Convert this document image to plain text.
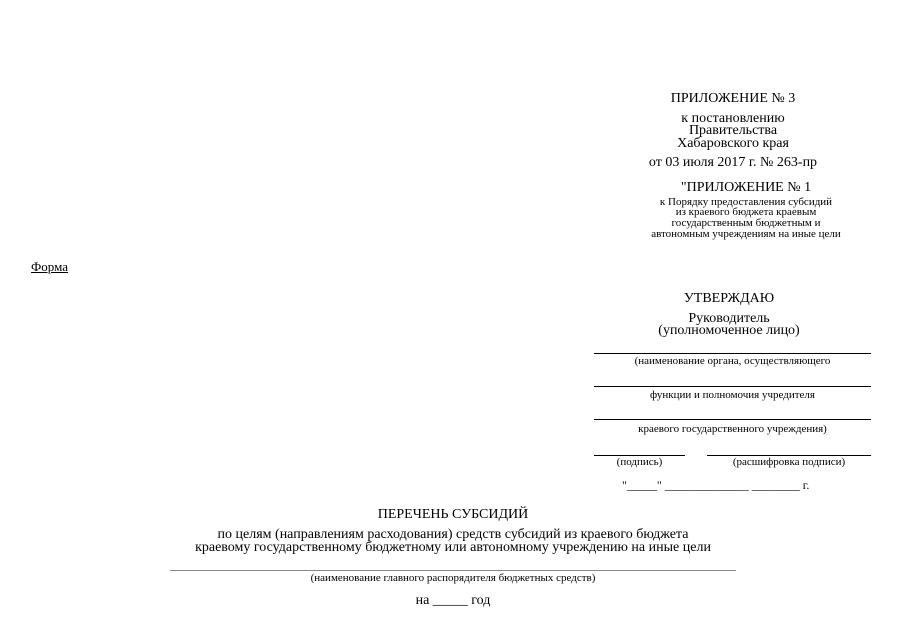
ПРИЛОЖЕНИЕ № 3
к постановлению
Правительства
Хабаровского края
от 03 июля 2017 г. № 263-пр
"ПРИЛОЖЕНИЕ № 1
к Порядку предоставления субсидий
из краевого бюджета краевым
государственным бюджетным и
автономным учреждениям на иные цели
Форма
УТВЕРЖДАЮ
Руководитель
(уполномоченное лицо)
(наименование органа, осуществляющего
функции и полномочия учредителя
краевого государственного учреждения)
(подпись)	(расшифровка подписи)
"_____" ______________ ________ г.
ПЕРЕЧЕНЬ СУБСИДИЙ
по целям (направлениям расходования) средств субсидий из краевого бюджета
краевому государственному бюджетному или автономному учреждению на иные цели
(наименование главного распорядителя бюджетных средств)
на _____ год
